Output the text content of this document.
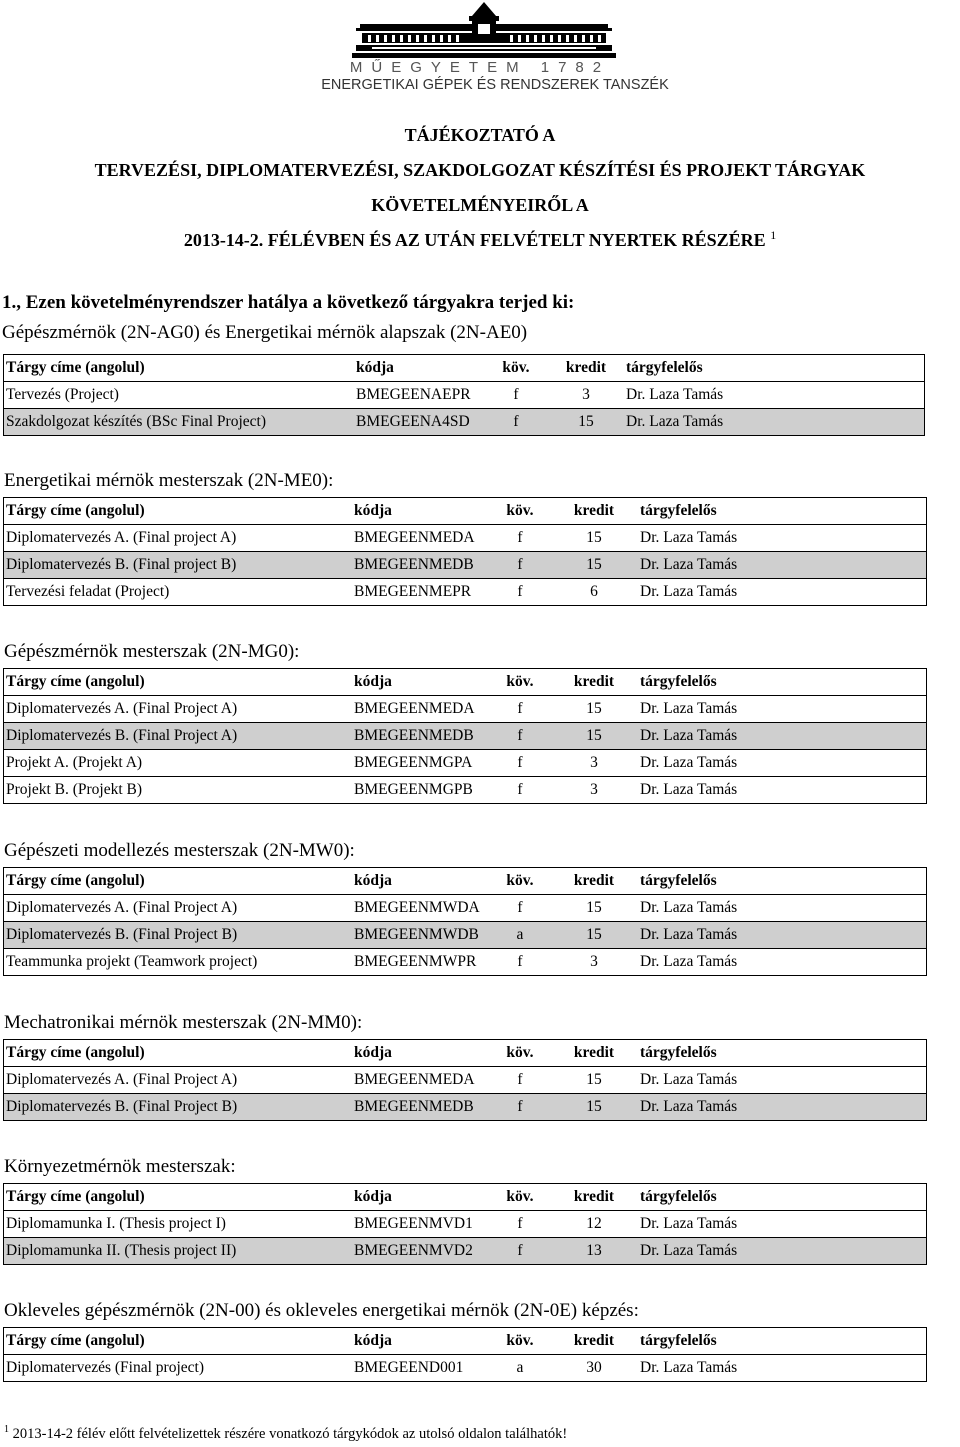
MŰEGYETEM 1782
ENERGETIKAI GÉPEK ÉS RENDSZEREK TANSZÉK
TÁJÉKOZTATÓ A
TERVEZÉSI, DIPLOMATERVEZÉSI, SZAKDOLGOZAT KÉSZÍTÉSI ÉS PROJEKT TÁRGYAK
KÖVETELMÉNYEIRŐL A
2013-14-2. FÉLÉVBEN ÉS AZ UTÁN FELVÉTELT NYERTEK RÉSZÉRE $^1$
1., Ezen követelményrendszer hatálya a következő tárgyakra terjed ki:
Gépészmérnök (2N-AG0) és Energetikai mérnök alapszak (2N-AE0)
Tárgy címe (angolul)	kódja	köv.	kredit	tárgyfelelős
Tervezés (Project)	BMEGEENAEPR	f	3	Dr. Laza Tamás
Szakdolgozat készítés (BSc Final Project)	BMEGEENA4SD	f	15	Dr. Laza Tamás
Energetikai mérnök mesterszak (2N-ME0):
Tárgy címe (angolul)	kódja	köv.	kredit	tárgyfelelős
Diplomatervezés A. (Final project A)	BMEGEENMEDA	f	15	Dr. Laza Tamás
Diplomatervezés B. (Final project B)	BMEGEENMEDB	f	15	Dr. Laza Tamás
Tervezési feladat (Project)	BMEGEENMEPR	f	6	Dr. Laza Tamás
Gépészmérnök mesterszak (2N-MG0):
Tárgy címe (angolul)	kódja	köv.	kredit	tárgyfelelős
Diplomatervezés A. (Final Project A)	BMEGEENMEDA	f	15	Dr. Laza Tamás
Diplomatervezés B. (Final Project A)	BMEGEENMEDB	f	15	Dr. Laza Tamás
Projekt A. (Projekt A)	BMEGEENMGPA	f	3	Dr. Laza Tamás
Projekt B. (Projekt B)	BMEGEENMGPB	f	3	Dr. Laza Tamás
Gépészeti modellezés mesterszak (2N-MW0):
Tárgy címe (angolul)	kódja	köv.	kredit	tárgyfelelős
Diplomatervezés A. (Final Project A)	BMEGEENMWDA	f	15	Dr. Laza Tamás
Diplomatervezés B. (Final Project B)	BMEGEENMWDB	a	15	Dr. Laza Tamás
Teammunka projekt (Teamwork project)	BMEGEENMWPR	f	3	Dr. Laza Tamás
Mechatronikai mérnök mesterszak (2N-MM0):
Tárgy címe (angolul)	kódja	köv.	kredit	tárgyfelelős
Diplomatervezés A. (Final Project A)	BMEGEENMEDA	f	15	Dr. Laza Tamás
Diplomatervezés B. (Final Project B)	BMEGEENMEDB	f	15	Dr. Laza Tamás
Környezetmérnök mesterszak:
Tárgy címe (angolul)	kódja	köv.	kredit	tárgyfelelős
Diplomamunka I. (Thesis project I)	BMEGEENMVD1	f	12	Dr. Laza Tamás
Diplomamunka II. (Thesis project II)	BMEGEENMVD2	f	13	Dr. Laza Tamás
Okleveles gépészmérnök (2N-00) és okleveles energetikai mérnök (2N-0E) képzés:
Tárgy címe (angolul)	kódja	köv.	kredit	tárgyfelelős
Diplomatervezés (Final project)	BMEGEEND001	a	30	Dr. Laza Tamás
$^1$ 2013-14-2 félév előtt felvételizettek részére vonatkozó tárgykódok az utolsó oldalon találhatók!
